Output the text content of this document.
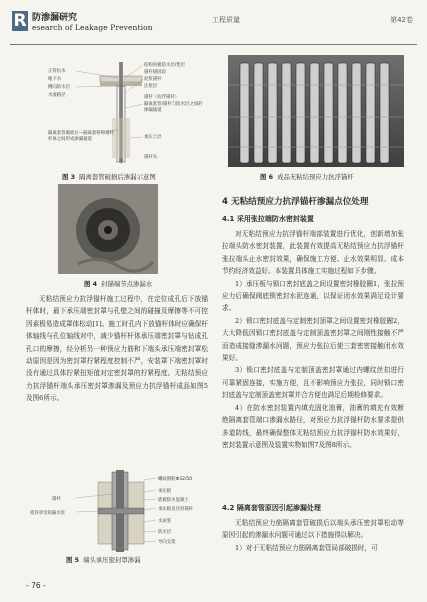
R 防渗漏研究
esearch of Leakage Prevention
工程质量	第42卷
正常抗水
地下水
侧向防水层
水流路径
隔离套管破损后—隔离套管和锚杆
杆体之间形成渗漏通道
结构顶板防水层/垫层
锚杆锚固段
泥浆锚杆
注浆层
锚杆（抗浮锚杆）
隔离套管/锚杆与防水层之间的
渗漏通道
承压土层
锚杆头
图 3 隔离套管破损后渗漏示意图	图 6 成品无粘结预应力抗浮锚杆
图 4 封锚端节点渗漏水

无粘结预应力抗浮锚杆施工过程中，在定位成孔后下放锚杆体时，最下承压端密封罩与孔壁之间的碰撞及摩擦等不可控因素极易造成罩体松动[1]。施工时孔内下放锚杆体时应确保杆体轴线与孔位轴线对中，减少锚杆杆体承压端密封罩与钻成孔孔口的摩擦，经分析另一种预应力筋和下端头承压端密封罩松动原因是因为密封罩拧紧程度控制不严，安装罩下端密封罩时没有通过具体拧紧扭矩值对定密封罩的拧紧程度。无粘结预应力抗浮锚杆端头承压密封罩渗漏及预应力抗浮锚杆成品如图5及图6所示。

锚杆
密封罩受损漏水处
螺纹钢筋Ф32/50
承压板
底板防水混凝土
承压板直径封锚杆
水泥浆
防水层
导向支架
图 5 端头承压密封罩渗漏
4 无粘结预应力抗浮锚杆渗漏点位处理
4.1 采用张拉端防水密封装置

对无粘结预应力抗浮锚杆端部装置进行优化，创新增加张拉端头防水密封装置，此装置有效提高无粘结预应力抗浮锚杆张拉端头止水密封效果，确保施工方便、止水效果明显、成本节约经济效益好。本装置具体施工实施过程如下步骤。

1）承压板与锁口密封底盖之间设置密封橡胶圈1，张拉预应力后确保阀底锁密封水泥连通，以保证闭水效果满足设计要求。

2）锁口密封底盖与定制密封顶罩之间设置密封橡胶圈2，大大降低因锁口密封底盖与定制顶盖密封罩之间刚性接触不严而造成接缝渗漏水问题，预应力张拉后便三套密密接触闭水效果好。

3）锁口密封底盖与定制顶盖密封罩通过内螺纹丝扣进行可靠紧固连接，实施方便，且不影响预应力张拉，同时锁口密封底盖与定制顶盖密封罩并合方便也满足后期检修要求。

4）在防水密封装置内填充固化油膏，油膏的填充有效断绝隔离套管端口渗漏水路径，对预应力抗浮锚杆防水要求提供多道防线，最终确保整体无粘结预应力抗浮锚杆防水效果好，密封装置示意图及装置实物如图7及图8所示。

4.2 隔离套管原因引起渗漏处理

无粘结预应力筋隔离套管破损后以端头承压密封罩松动等原因引起的渗漏水问题可通过以下措施得以解决。

1）对于无粘结预应力筋隔离套管局部破损时，可

- 76 -
